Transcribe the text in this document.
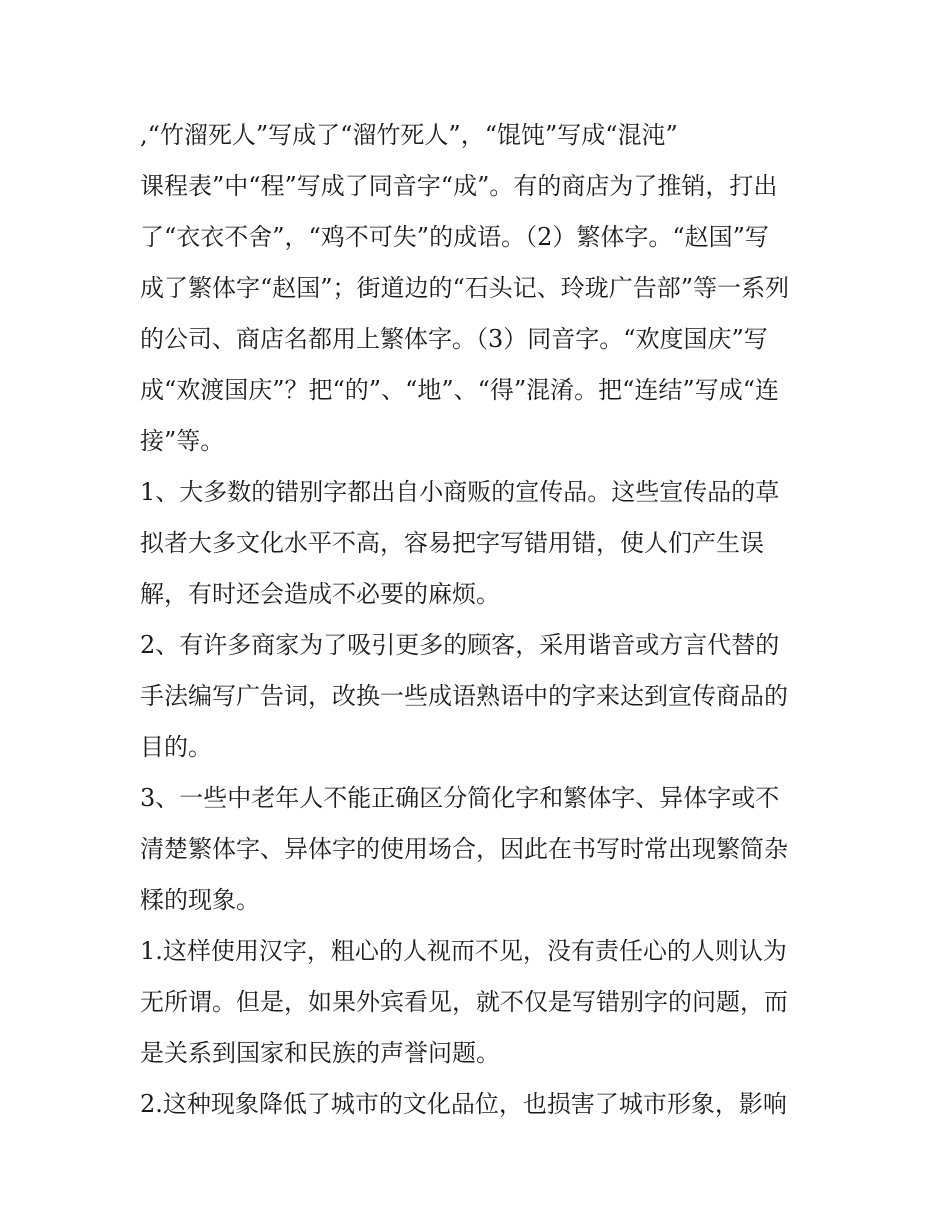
,“竹溜死人”写成了“溜竹死人”，“馄饨”写成“混沌”
课程表”中“程”写成了同音字“成”。有的商店为了推销，打出
了“衣衣不舍”，“鸡不可失”的成语。（2）繁体字。“赵国”写
成了繁体字“赵国”；街道边的“石头记、玲珑广告部”等一系列
的公司、商店名都用上繁体字。（3）同音字。“欢度国庆”写
成“欢渡国庆”？把“的”、“地”、“得”混淆。把“连结”写成“连
接”等。
1、大多数的错别字都出自小商贩的宣传品。这些宣传品的草
拟者大多文化水平不高，容易把字写错用错，使人们产生误
解，有时还会造成不必要的麻烦。
2、有许多商家为了吸引更多的顾客，采用谐音或方言代替的
手法编写广告词，改换一些成语熟语中的字来达到宣传商品的
目的。
3、一些中老年人不能正确区分简化字和繁体字、异体字或不
清楚繁体字、异体字的使用场合，因此在书写时常出现繁简杂
糅的现象。
1.这样使用汉字，粗心的人视而不见，没有责任心的人则认为
无所谓。但是，如果外宾看见，就不仅是写错别字的问题，而
是关系到国家和民族的声誉问题。
2.这种现象降低了城市的文化品位，也损害了城市形象，影响
